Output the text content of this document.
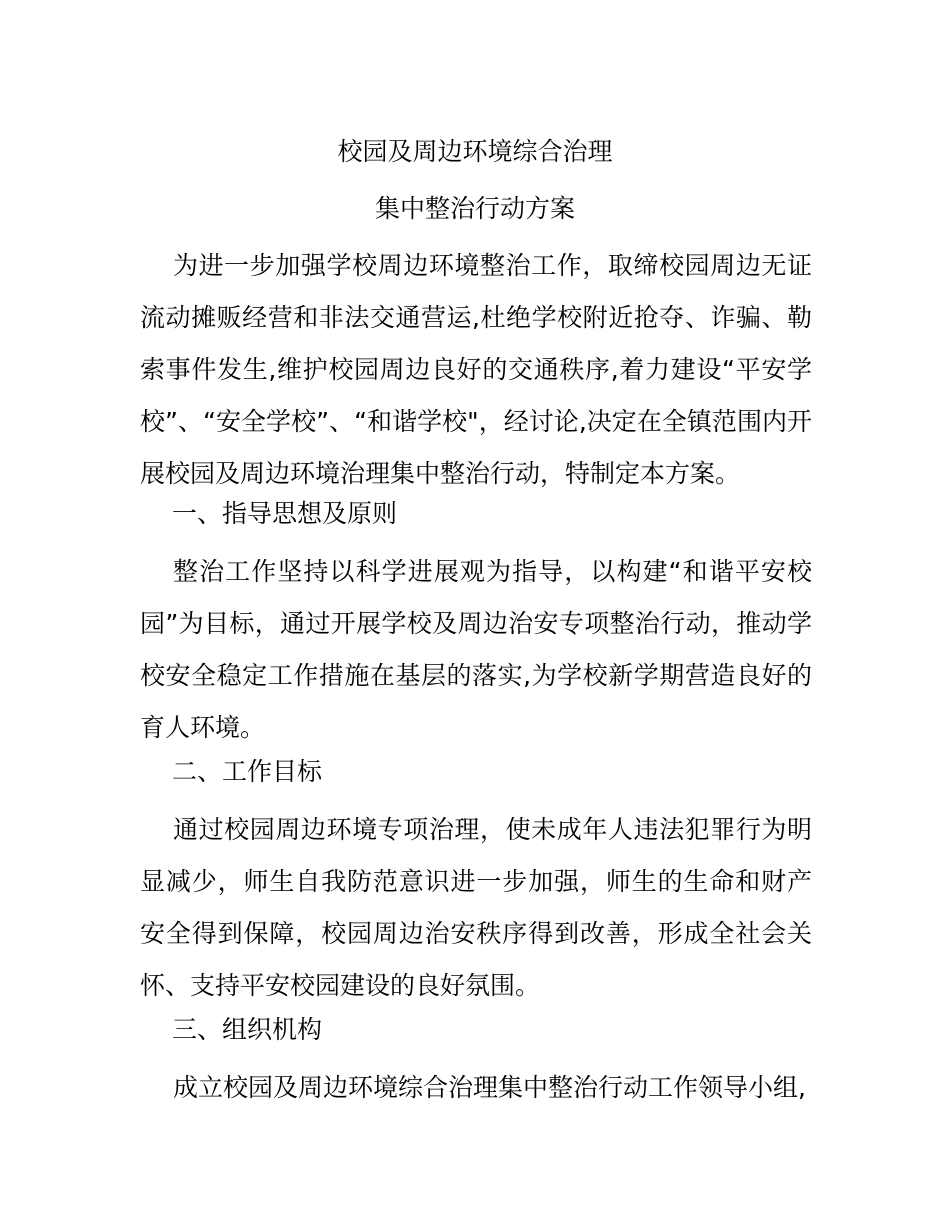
校园及周边环境综合治理
集中整治行动方案
为进一步加强学校周边环境整治工作，取缔校园周边无证流动摊贩经营和非法交通营运,杜绝学校附近抢夺、诈骗、勒索事件发生,维护校园周边良好的交通秩序,着力建设“平安学校”、“安全学校”、“和谐学校"，经讨论,决定在全镇范围内开展校园及周边环境治理集中整治行动，特制定本方案。
一、指导思想及原则
整治工作坚持以科学进展观为指导，以构建“和谐平安校园”为目标，通过开展学校及周边治安专项整治行动，推动学校安全稳定工作措施在基层的落实,为学校新学期营造良好的育人环境。
二、工作目标
通过校园周边环境专项治理，使未成年人违法犯罪行为明显减少，师生自我防范意识进一步加强，师生的生命和财产安全得到保障，校园周边治安秩序得到改善，形成全社会关怀、支持平安校园建设的良好氛围。
三、组织机构
成立校园及周边环境综合治理集中整治行动工作领导小组,
